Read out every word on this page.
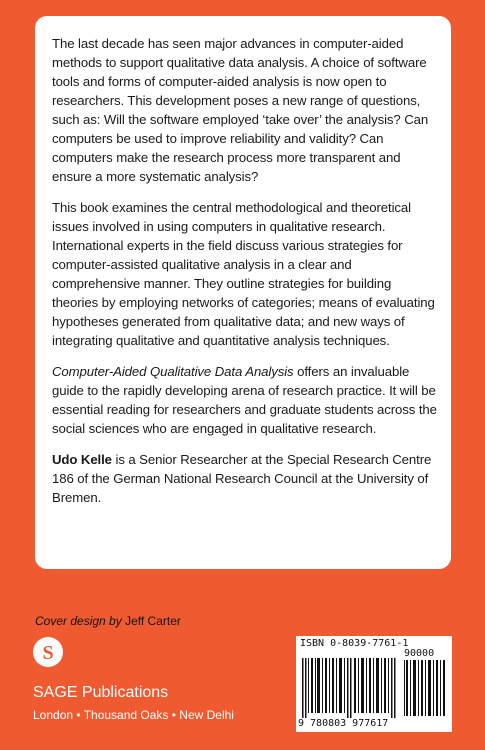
The last decade has seen major advances in computer-aided methods to support qualitative data analysis. A choice of software tools and forms of computer-aided analysis is now open to researchers. This development poses a new range of questions, such as: Will the software employed ‘take over’ the analysis? Can computers be used to improve reliability and validity? Can computers make the research process more transparent and ensure a more systematic analysis?

This book examines the central methodological and theoretical issues involved in using computers in qualitative research. International experts in the field discuss various strategies for computer-assisted qualitative analysis in a clear and comprehensive manner. They outline strategies for building theories by employing networks of categories; means of evaluating hypotheses generated from qualitative data; and new ways of integrating qualitative and quantitative analysis techniques.

Computer-Aided Qualitative Data Analysis offers an invaluable guide to the rapidly developing arena of research practice. It will be essential reading for researchers and graduate students across the social sciences who are engaged in qualitative research.

Udo Kelle is a Senior Researcher at the Special Research Centre 186 of the German National Research Council at the University of Bremen.

Cover design by Jeff Carter
S
SAGE Publications
London • Thousand Oaks • New Delhi
ISBN 0-8039-7761-1
90000
9 780803 977617
